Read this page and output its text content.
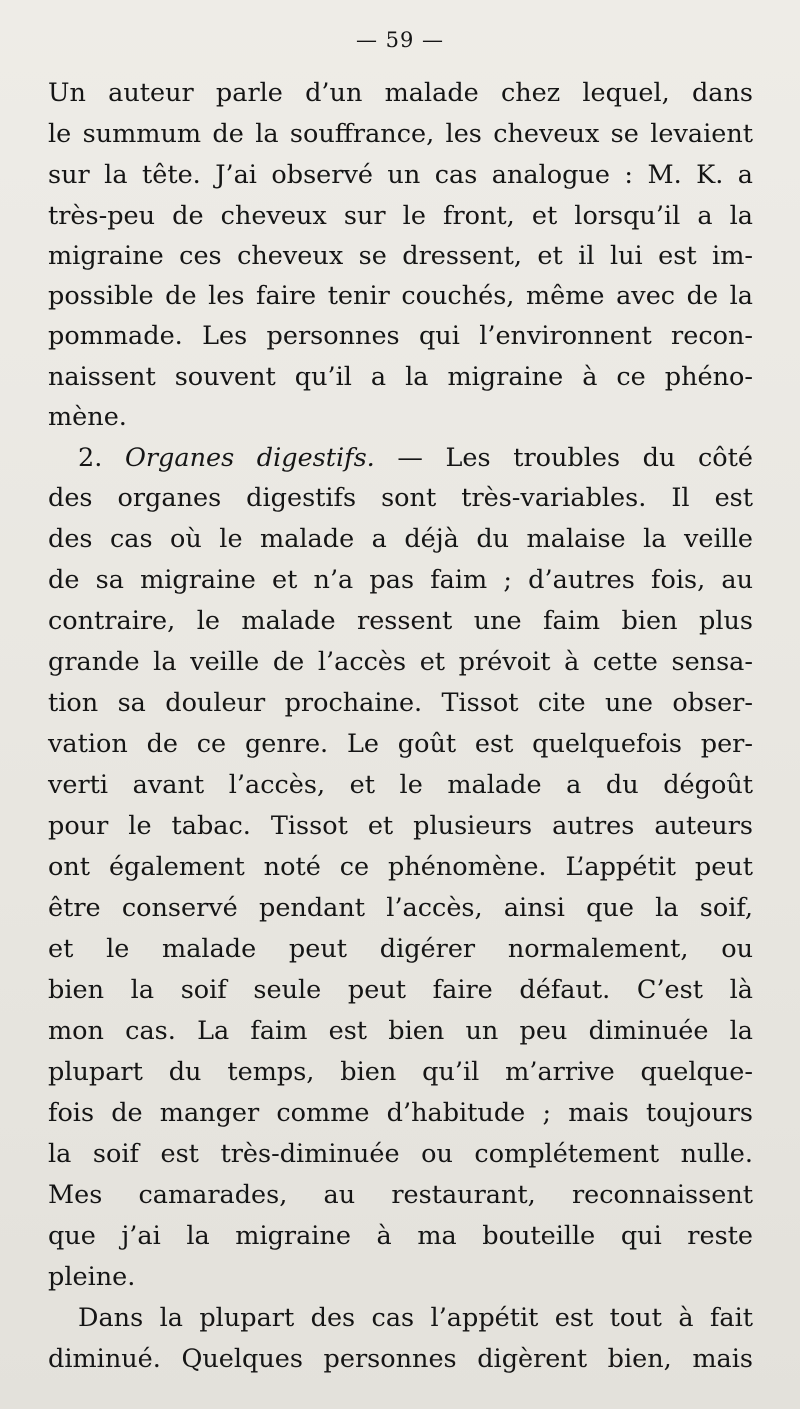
— 59 —
Un auteur parle d’un malade chez lequel, dans
le summum de la souffrance, les cheveux se levaient
sur la tête. J’ai observé un cas analogue : M. K. a
très-peu de cheveux sur le front, et lorsqu’il a la
migraine ces cheveux se dressent, et il lui est im-
possible de les faire tenir couchés, même avec de la
pommade. Les personnes qui l’environnent recon-
naissent souvent qu’il a la migraine à ce phéno-
mène.
2. Organes digestifs. — Les troubles du côté
des organes digestifs sont très-variables. Il est
des cas où le malade a déjà du malaise la veille
de sa migraine et n’a pas faim ; d’autres fois, au
contraire, le malade ressent une faim bien plus
grande la veille de l’accès et prévoit à cette sensa-
tion sa douleur prochaine. Tissot cite une obser-
vation de ce genre. Le goût est quelquefois per-
verti avant l’accès, et le malade a du dégoût
pour le tabac. Tissot et plusieurs autres auteurs
ont également noté ce phénomène. L’appétit peut
être conservé pendant l’accès, ainsi que la soif,
et le malade peut digérer normalement, ou
bien la soif seule peut faire défaut. C’est là
mon cas. La faim est bien un peu diminuée la
plupart du temps, bien qu’il m’arrive quelque-
fois de manger comme d’habitude ; mais toujours
la soif est très-diminuée ou complétement nulle.
Mes camarades, au restaurant, reconnaissent
que j’ai la migraine à ma bouteille qui reste
pleine.
Dans la plupart des cas l’appétit est tout à fait
diminué. Quelques personnes digèrent bien, mais
